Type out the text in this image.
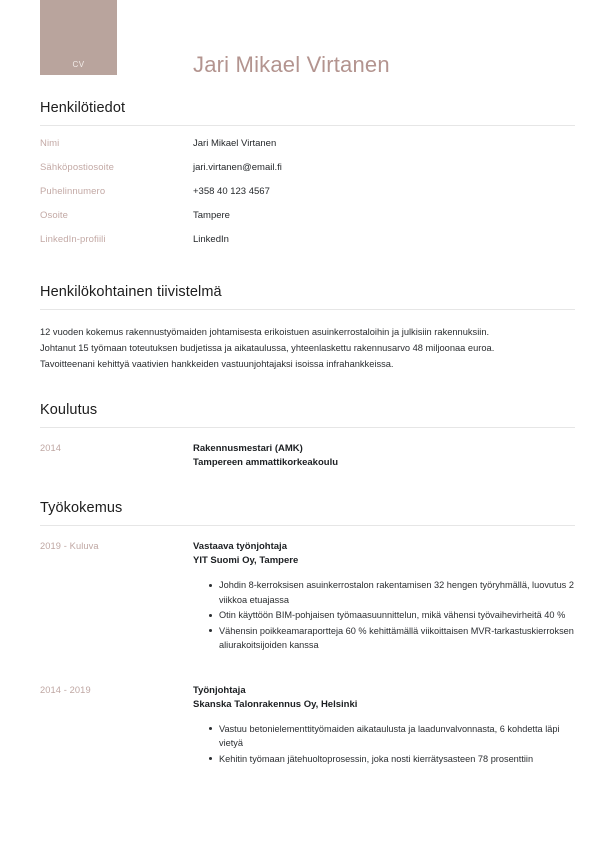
CV	Jari Mikael Virtanen
Henkilötiedot
Nimi	Jari Mikael Virtanen
Sähköpostiosoite	jari.virtanen@email.fi
Puhelinnumero	+358 40 123 4567
Osoite	Tampere
LinkedIn-profiili	LinkedIn
Henkilökohtainen tiivistelmä
12 vuoden kokemus rakennustyömaiden johtamisesta erikoistuen asuinkerrostaloihin ja julkisiin rakennuksiin.
Johtanut 15 työmaan toteutuksen budjetissa ja aikataulussa, yhteenlaskettu rakennusarvo 48 miljoonaa euroa.
Tavoitteenani kehittyä vaativien hankkeiden vastuunjohtajaksi isoissa infrahankkeissa.
Koulutus
2014	Rakennusmestari (AMK)
Tampereen ammattikorkeakoulu
Työkokemus
2019 - Kuluva	Vastaava työnjohtaja
YIT Suomi Oy, Tampere
Johdin 8-kerroksisen asuinkerrostalon rakentamisen 32 hengen työryhmällä, luovutus 2 viikkoa etuajassa
Otin käyttöön BIM-pohjaisen työmaasuunnittelun, mikä vähensi työvaihevirheitä 40 %
Vähensin poikkeamaraportteja 60 % kehittämällä viikoittaisen MVR-tarkastuskierroksen aliurakoitsijoiden kanssa
2014 - 2019	Työnjohtaja
Skanska Talonrakennus Oy, Helsinki
Vastuu betonielementtityömaiden aikataulusta ja laadunvalvonnasta, 6 kohdetta läpi vietyä
Kehitin työmaan jätehuoltoprosessin, joka nosti kierrätysasteen 78 prosenttiin
